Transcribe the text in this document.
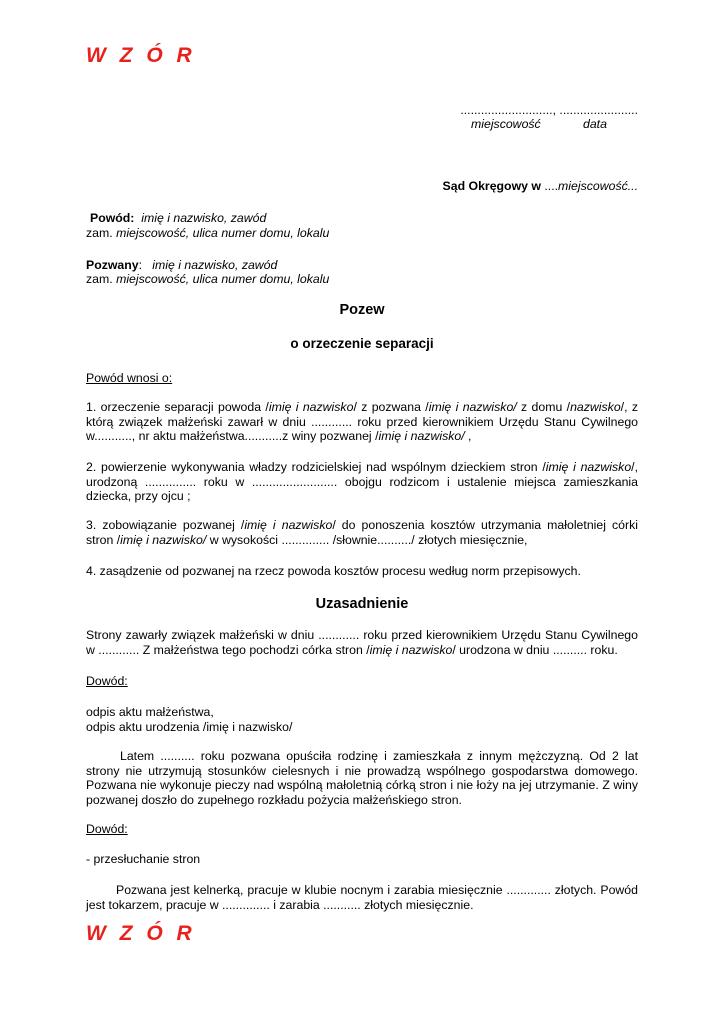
W Z Ó R
..........................., .......................
miejscowość	data
Sąd Okręgowy w ....miejscowość...
Powód: imię i nazwisko, zawód
zam. miejscowość, ulica numer domu, lokalu
Pozwany: imię i nazwisko, zawód
zam. miejscowość, ulica numer domu, lokalu
Pozew
o orzeczenie separacji
Powód wnosi o:
1. orzeczenie separacji powoda /imię i nazwisko/ z pozwana /imię i nazwisko/ z domu /nazwisko/, z którą związek małżeński zawarł w dniu ............ roku przed kierownikiem Urzędu Stanu Cywilnego w..........., nr aktu małżeństwa...........z winy pozwanej /imię i nazwisko/ ,
2. powierzenie wykonywania władzy rodzicielskiej nad wspólnym dzieckiem stron /imię i nazwisko/, urodzoną ............... roku w ......................... obojgu rodzicom i ustalenie miejsca zamieszkania dziecka, przy ojcu ;
3. zobowiązanie pozwanej /imię i nazwisko/ do ponoszenia kosztów utrzymania małoletniej córki stron /imię i nazwisko/ w wysokości .............. /słownie........../ złotych miesięcznie,
4. zasądzenie od pozwanej na rzecz powoda kosztów procesu według norm przepisowych.
Uzasadnienie
Strony zawarły związek małżeński w dniu ............ roku przed kierownikiem Urzędu Stanu Cywilnego w ............ Z małżeństwa tego pochodzi córka stron /imię i nazwisko/ urodzona w dniu .......... roku.
Dowód:
odpis aktu małżeństwa,
odpis aktu urodzenia /imię i nazwisko/
Latem .......... roku pozwana opuściła rodzinę i zamieszkała z innym mężczyzną. Od 2 lat strony nie utrzymują stosunków cielesnych i nie prowadzą wspólnego gospodarstwa domowego. Pozwana nie wykonuje pieczy nad wspólną małoletnią córką stron i nie łoży na jej utrzymanie. Z winy pozwanej doszło do zupełnego rozkładu pożycia małżeńskiego stron.
Dowód:
- przesłuchanie stron
Pozwana jest kelnerką, pracuje w klubie nocnym i zarabia miesięcznie ............. złotych. Powód jest tokarzem, pracuje w .............. i zarabia ........... złotych miesięcznie.
W Z Ó R
